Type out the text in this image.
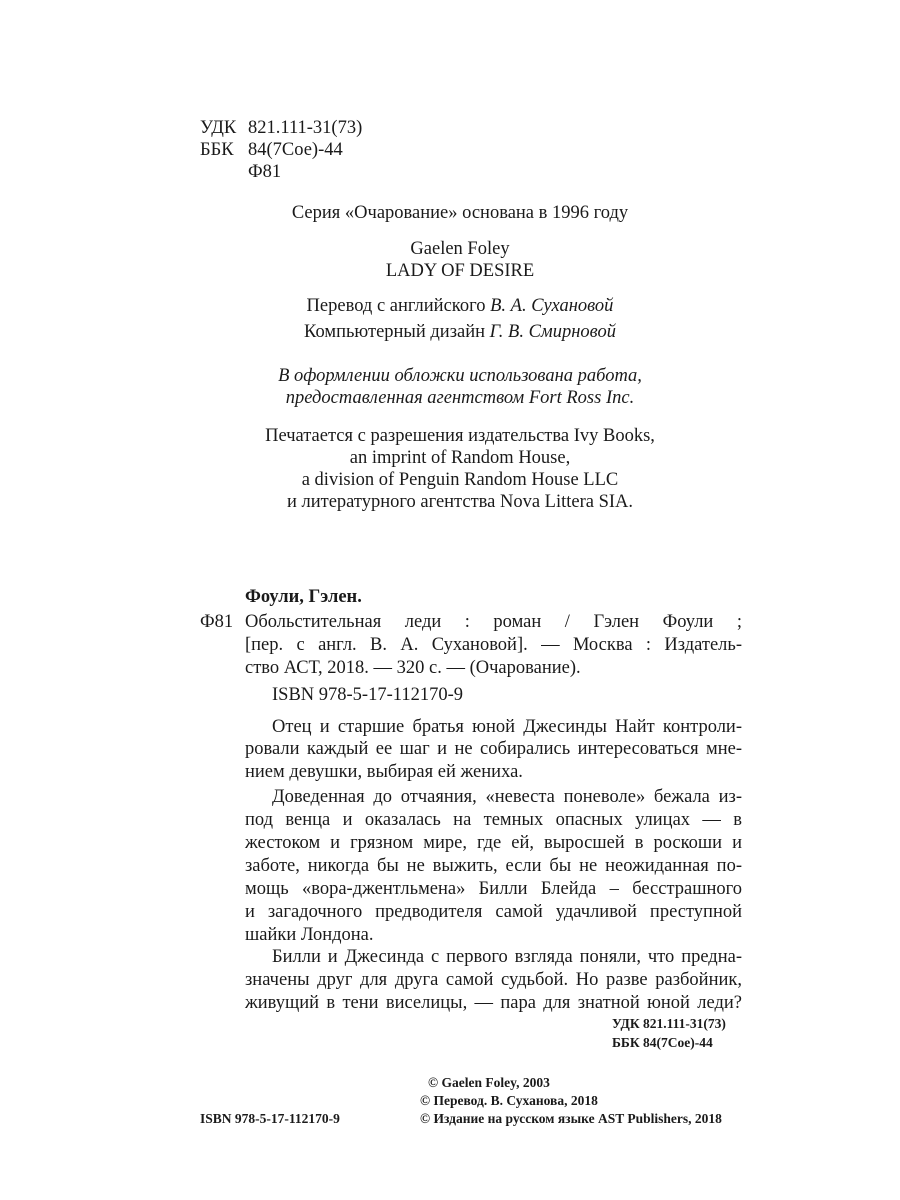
УДК 821.111-31(73)
ББК 84(7Сое)-44
Ф81
Серия «Очарование» основана в 1996 году
Gaelen Foley
LADY OF DESIRE
Перевод с английского В. А. Сухановой
Компьютерный дизайн Г. В. Смирновой
В оформлении обложки использована работа,
предоставленная агентством Fort Ross Inc.
Печатается с разрешения издательства Ivy Books,
an imprint of Random House,
a division of Penguin Random House LLC
и литературного агентства Nova Littera SIA.
Фоули, Гэлен.
Ф81 Обольстительная леди : роман / Гэлен Фоули ;
[пер. с англ. В. А. Сухановой]. — Москва : Издатель-
ство АСТ, 2018. — 320 с. — (Очарование).
ISBN 978-5-17-112170-9
Отец и старшие братья юной Джесинды Найт контроли-
ровали каждый ее шаг и не собирались интересоваться мне-
нием девушки, выбирая ей жениха.
Доведенная до отчаяния, «невеста поневоле» бежала из-
под венца и оказалась на темных опасных улицах — в
жестоком и грязном мире, где ей, выросшей в роскоши и
заботе, никогда бы не выжить, если бы не неожиданная по-
мощь «вора-джентльмена» Билли Блейда – бесстрашного
и загадочного предводителя самой удачливой преступной
шайки Лондона.
Билли и Джесинда с первого взгляда поняли, что предна-
значены друг для друга самой судьбой. Но разве разбойник,
живущий в тени виселицы, — пара для знатной юной леди?
УДК 821.111-31(73)
ББК 84(7Сое)-44
© Gaelen Foley, 2003
© Перевод. В. Суханова, 2018
ISBN 978-5-17-112170-9	© Издание на русском языке AST Publishers, 2018
